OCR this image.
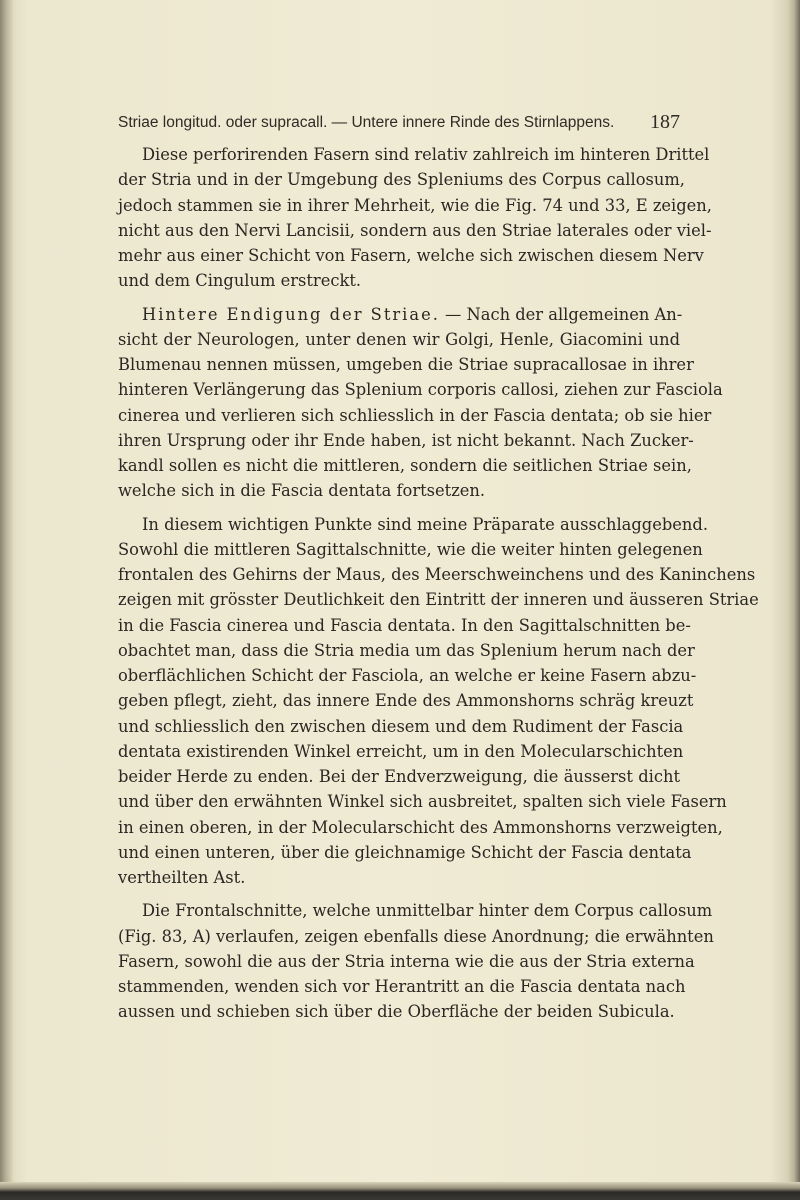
Striae longitud. oder supracall. — Untere innere Rinde des Stirnlappens. 187
Diese perforirenden Fasern sind relativ zahlreich im hinteren Drittel
der Stria und in der Umgebung des Spleniums des Corpus callosum,
jedoch stammen sie in ihrer Mehrheit, wie die Fig. 74 und 33, E zeigen,
nicht aus den Nervi Lancisii, sondern aus den Striae laterales oder viel-
mehr aus einer Schicht von Fasern, welche sich zwischen diesem Nerv
und dem Cingulum erstreckt.
Hintere Endigung der Striae. — Nach der allgemeinen An-
sicht der Neurologen, unter denen wir Golgi, Henle, Giacomini und
Blumenau nennen müssen, umgeben die Striae supracallosae in ihrer
hinteren Verlängerung das Splenium corporis callosi, ziehen zur Fasciola
cinerea und verlieren sich schliesslich in der Fascia dentata; ob sie hier
ihren Ursprung oder ihr Ende haben, ist nicht bekannt. Nach Zucker-
kandl sollen es nicht die mittleren, sondern die seitlichen Striae sein,
welche sich in die Fascia dentata fortsetzen.
In diesem wichtigen Punkte sind meine Präparate ausschlaggebend.
Sowohl die mittleren Sagittalschnitte, wie die weiter hinten gelegenen
frontalen des Gehirns der Maus, des Meerschweinchens und des Kaninchens
zeigen mit grösster Deutlichkeit den Eintritt der inneren und äusseren Striae
in die Fascia cinerea und Fascia dentata. In den Sagittalschnitten be-
obachtet man, dass die Stria media um das Splenium herum nach der
oberflächlichen Schicht der Fasciola, an welche er keine Fasern abzu-
geben pflegt, zieht, das innere Ende des Ammonshorns schräg kreuzt
und schliesslich den zwischen diesem und dem Rudiment der Fascia
dentata existirenden Winkel erreicht, um in den Molecularschichten
beider Herde zu enden. Bei der Endverzweigung, die äusserst dicht
und über den erwähnten Winkel sich ausbreitet, spalten sich viele Fasern
in einen oberen, in der Molecularschicht des Ammonshorns verzweigten,
und einen unteren, über die gleichnamige Schicht der Fascia dentata
vertheilten Ast.
Die Frontalschnitte, welche unmittelbar hinter dem Corpus callosum
(Fig. 83, A) verlaufen, zeigen ebenfalls diese Anordnung; die erwähnten
Fasern, sowohl die aus der Stria interna wie die aus der Stria externa
stammenden, wenden sich vor Herantritt an die Fascia dentata nach
aussen und schieben sich über die Oberfläche der beiden Subicula.
